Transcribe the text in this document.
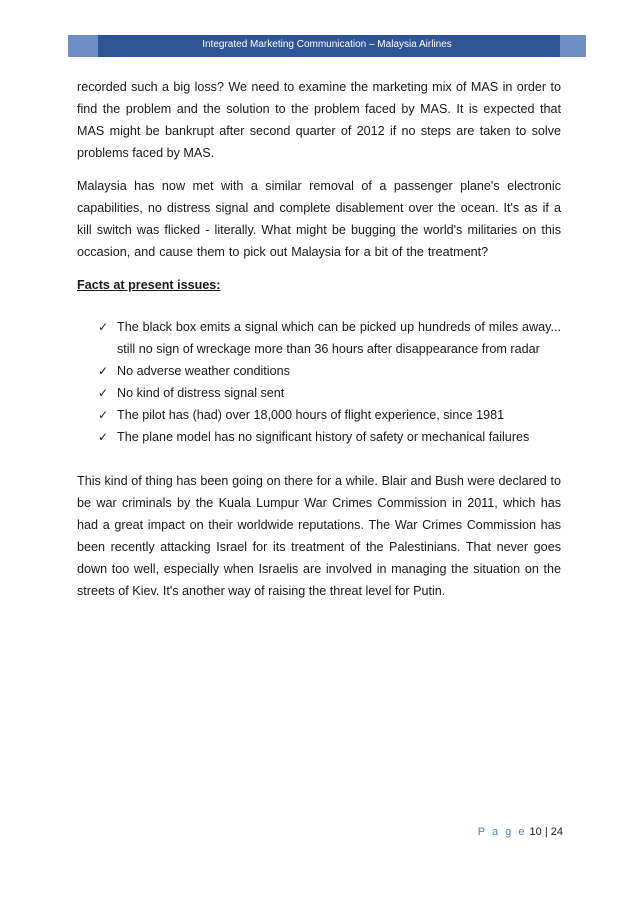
Integrated Marketing Communication – Malaysia Airlines

recorded such a big loss? We need to examine the marketing mix of MAS in order to find the problem and the solution to the problem faced by MAS. It is expected that MAS might be bankrupt after second quarter of 2012 if no steps are taken to solve problems faced by MAS.

Malaysia has now met with a similar removal of a passenger plane's electronic capabilities, no distress signal and complete disablement over the ocean. It's as if a kill switch was flicked - literally. What might be bugging the world's militaries on this occasion, and cause them to pick out Malaysia for a bit of the treatment?

Facts at present issues:
✓ The black box emits a signal which can be picked up hundreds of miles away... still no sign of wreckage more than 36 hours after disappearance from radar
✓ No adverse weather conditions
✓ No kind of distress signal sent
✓ The pilot has (had) over 18,000 hours of flight experience, since 1981
✓ The plane model has no significant history of safety or mechanical failures

This kind of thing has been going on there for a while. Blair and Bush were declared to be war criminals by the Kuala Lumpur War Crimes Commission in 2011, which has had a great impact on their worldwide reputations. The War Crimes Commission has been recently attacking Israel for its treatment of the Palestinians. That never goes down too well, especially when Israelis are involved in managing the situation on the streets of Kiev. It's another way of raising the threat level for Putin.

P a g e 10 | 24
